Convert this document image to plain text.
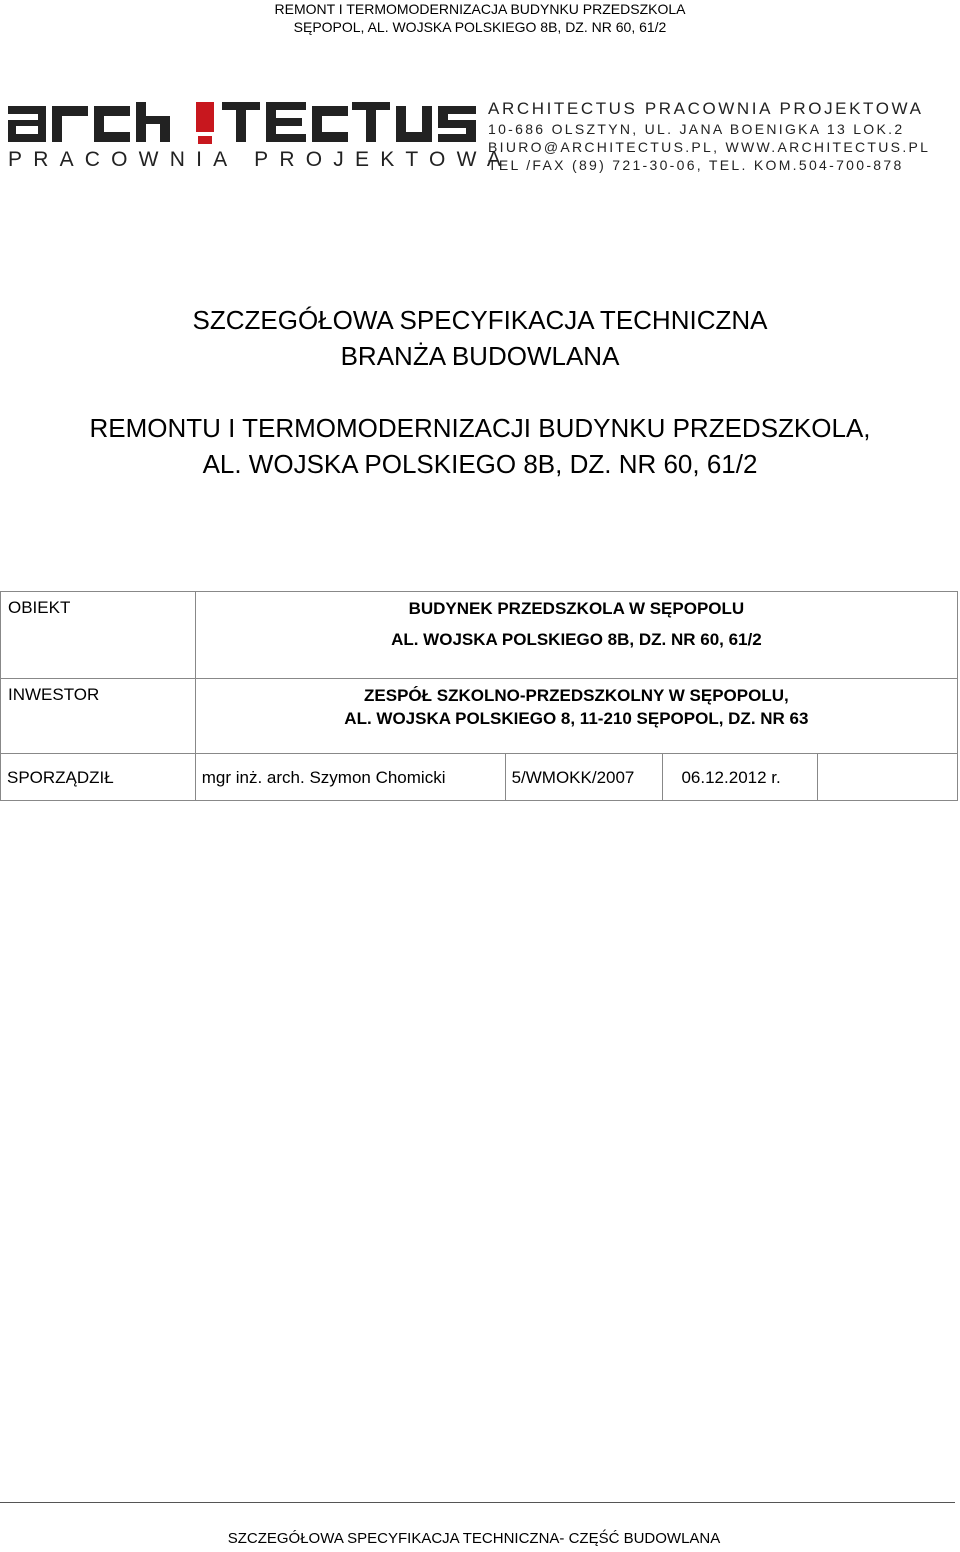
REMONT I TERMOMODERNIZACJA BUDYNKU PRZEDSZKOLA
SĘPOPOL, AL. WOJSKA POLSKIEGO 8B, DZ. NR 60, 61/2
PRACOWNIA PROJEKTOWA
ARCHITECTUS PRACOWNIA PROJEKTOWA
10-686 OLSZTYN, UL. JANA BOENIGKA 13 LOK.2
BIURO@ARCHITECTUS.PL, WWW.ARCHITECTUS.PL
TEL /FAX (89) 721-30-06, TEL. KOM.504-700-878
SZCZEGÓŁOWA SPECYFIKACJA TECHNICZNA
BRANŻA BUDOWLANA
REMONTU I TERMOMODERNIZACJI BUDYNKU PRZEDSZKOLA,
AL. WOJSKA POLSKIEGO 8B, DZ. NR 60, 61/2
OBIEKT	BUDYNEK PRZEDSZKOLA W SĘPOPOLU
AL. WOJSKA POLSKIEGO 8B, DZ. NR 60, 61/2			

INWESTOR	ZESPÓŁ SZKOLNO-PRZEDSZKOLNY W SĘPOPOLU,
AL. WOJSKA POLSKIEGO 8, 11-210 SĘPOPOL, DZ. NR 63			

SPORZĄDZIŁ	mgr inż. arch. Szymon Chomicki	5/WMOKK/2007	06.12.2012 r.	
SZCZEGÓŁOWA SPECYFIKACJA TECHNICZNA- CZĘŚĆ BUDOWLANA
